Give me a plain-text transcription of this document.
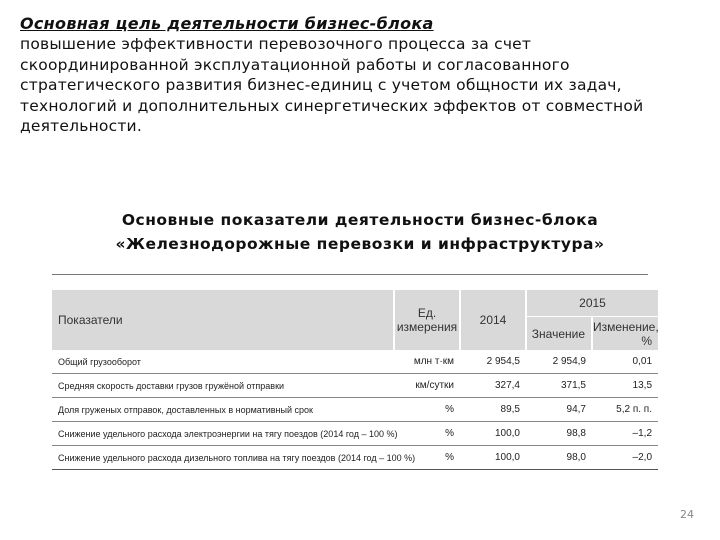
Основная цель деятельности бизнес-блока
повышение эффективности перевозочного процесса за счет скоординированной эксплуатационной работы и согласованного стратегического развития бизнес-единиц с учетом общности их задач, технологий и дополнительных синергетических эффектов от совместной деятельности.
Основные показатели деятельности бизнес-блока
«Железнодорожные перевозки и инфраструктура»
Показатели	Ед. измерения	2014	2015	
			Значение	Изменение, %
Общий грузооборот	млн т·км	2 954,5	2 954,9	0,01
Средняя скорость доставки грузов гружёной отправки	км/сутки	327,4	371,5	13,5
Доля груженых отправок, доставленных в нормативный срок	%	89,5	94,7	5,2 п. п.
Снижение удельного расхода электроэнергии на тягу поездов (2014 год – 100 %)	%	100,0	98,8	–1,2
Снижение удельного расхода дизельного топлива на тягу поездов (2014 год – 100 %)	%	100,0	98,0	–2,0
24
